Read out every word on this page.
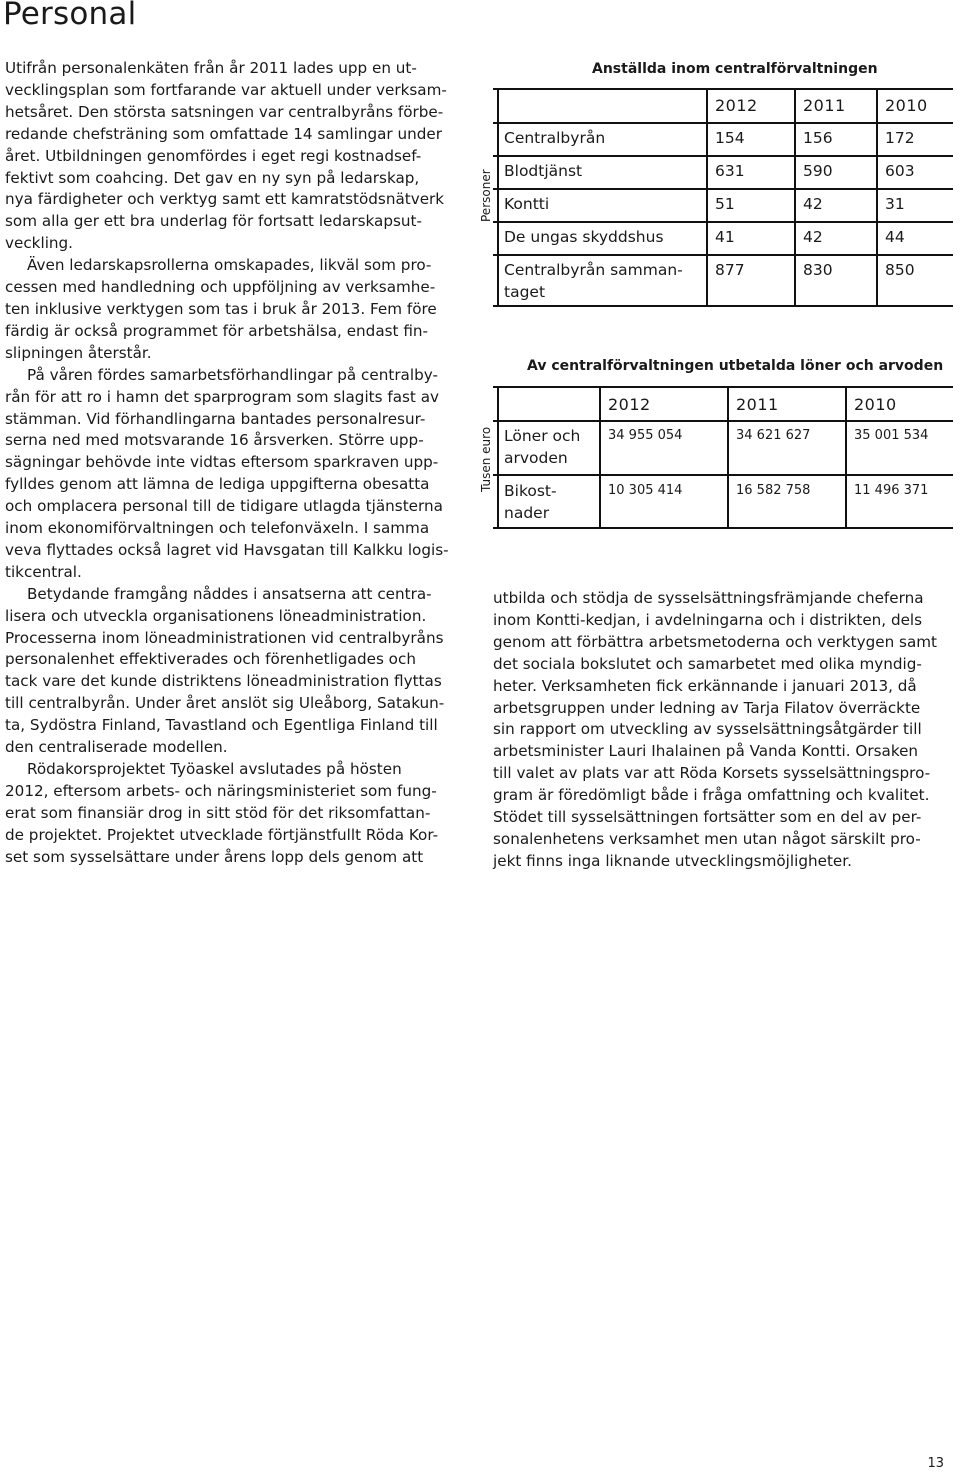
Personal

Utifrån personalenkäten från år 2011 lades upp en ut-
vecklingsplan som fortfarande var aktuell under verksam-
hetsåret. Den största satsningen var centralbyråns förbe-
redande chefsträning som omfattade 14 samlingar under
året. Utbildningen genomfördes i eget regi kostnadsef-
fektivt som coahcing. Det gav en ny syn på ledarskap,
nya färdigheter och verktyg samt ett kamratstödsnätverk
som alla ger ett bra underlag för fortsatt ledarskapsut-
veckling.

Även ledarskapsrollerna omskapades, likväl som pro-
cessen med handledning och uppföljning av verksamhe-
ten inklusive verktygen som tas i bruk år 2013. Fem före
färdig är också programmet för arbetshälsa, endast fin-
slipningen återstår.

På våren fördes samarbetsförhandlingar på centralby-
rån för att ro i hamn det sparprogram som slagits fast av
stämman. Vid förhandlingarna bantades personalresur-
serna ned med motsvarande 16 årsverken. Större upp-
sägningar behövde inte vidtas eftersom sparkraven upp-
fylldes genom att lämna de lediga uppgifterna obesatta
och omplacera personal till de tidigare utlagda tjänsterna
inom ekonomiförvaltningen och telefonväxeln. I samma
veva flyttades också lagret vid Havsgatan till Kalkku logis-
tikcentral.

Betydande framgång nåddes i ansatserna att centra-
lisera och utveckla organisationens löneadministration.
Processerna inom löneadministrationen vid centralbyråns
personalenhet effektiverades och förenhetligades och
tack vare det kunde distriktens löneadministration flyttas
till centralbyrån. Under året anslöt sig Uleåborg, Satakun-
ta, Sydöstra Finland, Tavastland och Egentliga Finland till
den centraliserade modellen.

Rödakorsprojektet Työaskel avslutades på hösten
2012, eftersom arbets- och näringsministeriet som fung-
erat som finansiär drog in sitt stöd för det riksomfattan-
de projektet. Projektet utvecklade förtjänstfullt Röda Kor-
set som sysselsättare under årens lopp dels genom att

Anställda inom centralförvaltningen
Personer
2012	2011 2010
Centralbyrån	154	156	172
Blodtjänst	631	590	603
Kontti	51	42	31
De ungas skyddshus	41	42	44
Centralbyrån samman-
taget
877	830	850
Av centralförvaltningen utbetalda löner och arvoden
Tusen euro
2012	2011	2010
Löner och
arvoden
34 955 054	34 621 627	35 001 534
Bikost-
nader
10 305 414	16 582 758	11 496 371

utbilda och stödja de sysselsättningsfrämjande cheferna
inom Kontti-kedjan, i avdelningarna och i distrikten, dels
genom att förbättra arbetsmetoderna och verktygen samt
det sociala bokslutet och samarbetet med olika myndig-
heter. Verksamheten fick erkännande i januari 2013, då
arbetsgruppen under ledning av Tarja Filatov överräckte
sin rapport om utveckling av sysselsättningsåtgärder till
arbetsminister Lauri Ihalainen på Vanda Kontti. Orsaken
till valet av plats var att Röda Korsets sysselsättningspro-
gram är föredömligt både i fråga omfattning och kvalitet.
Stödet till sysselsättningen fortsätter som en del av per-
sonalenhetens verksamhet men utan något särskilt pro-
jekt finns inga liknande utvecklingsmöjligheter.

13
